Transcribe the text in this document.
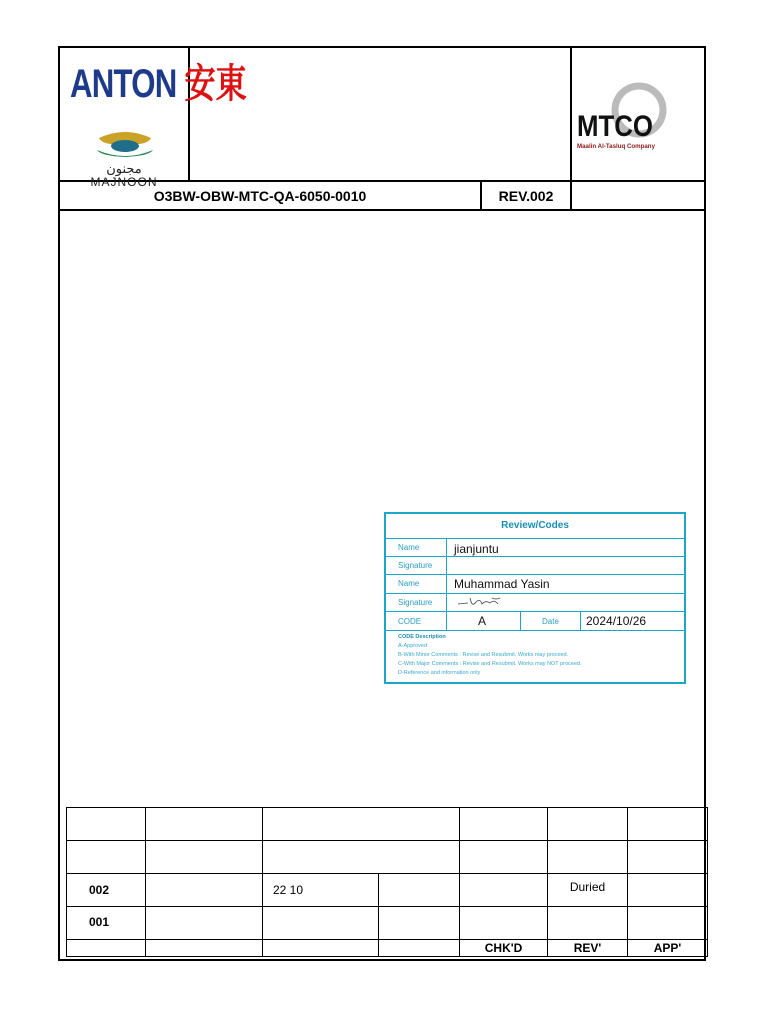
ANTON 安東
مجنون
MAJNOON
MTCO
Maalin Al-Tasluq Company
O3BW-OBW-MTC-QA-6050-0010	REV.002
Review/Codes
Name	jianjuntu
Signature
Name	Muhammad Yasin
Signature
CODE	A	Date 2024/10/26
CODE Description
A-Approved
B-With Minor Comments : Revise and Resubmit. Works may proceed.
C-With Major Comments : Revise and Resubmit. Works may NOT proceed.
D-Reference and information only

002		22 10			Duried	
001						
				CHK'D	REV'	APP'
